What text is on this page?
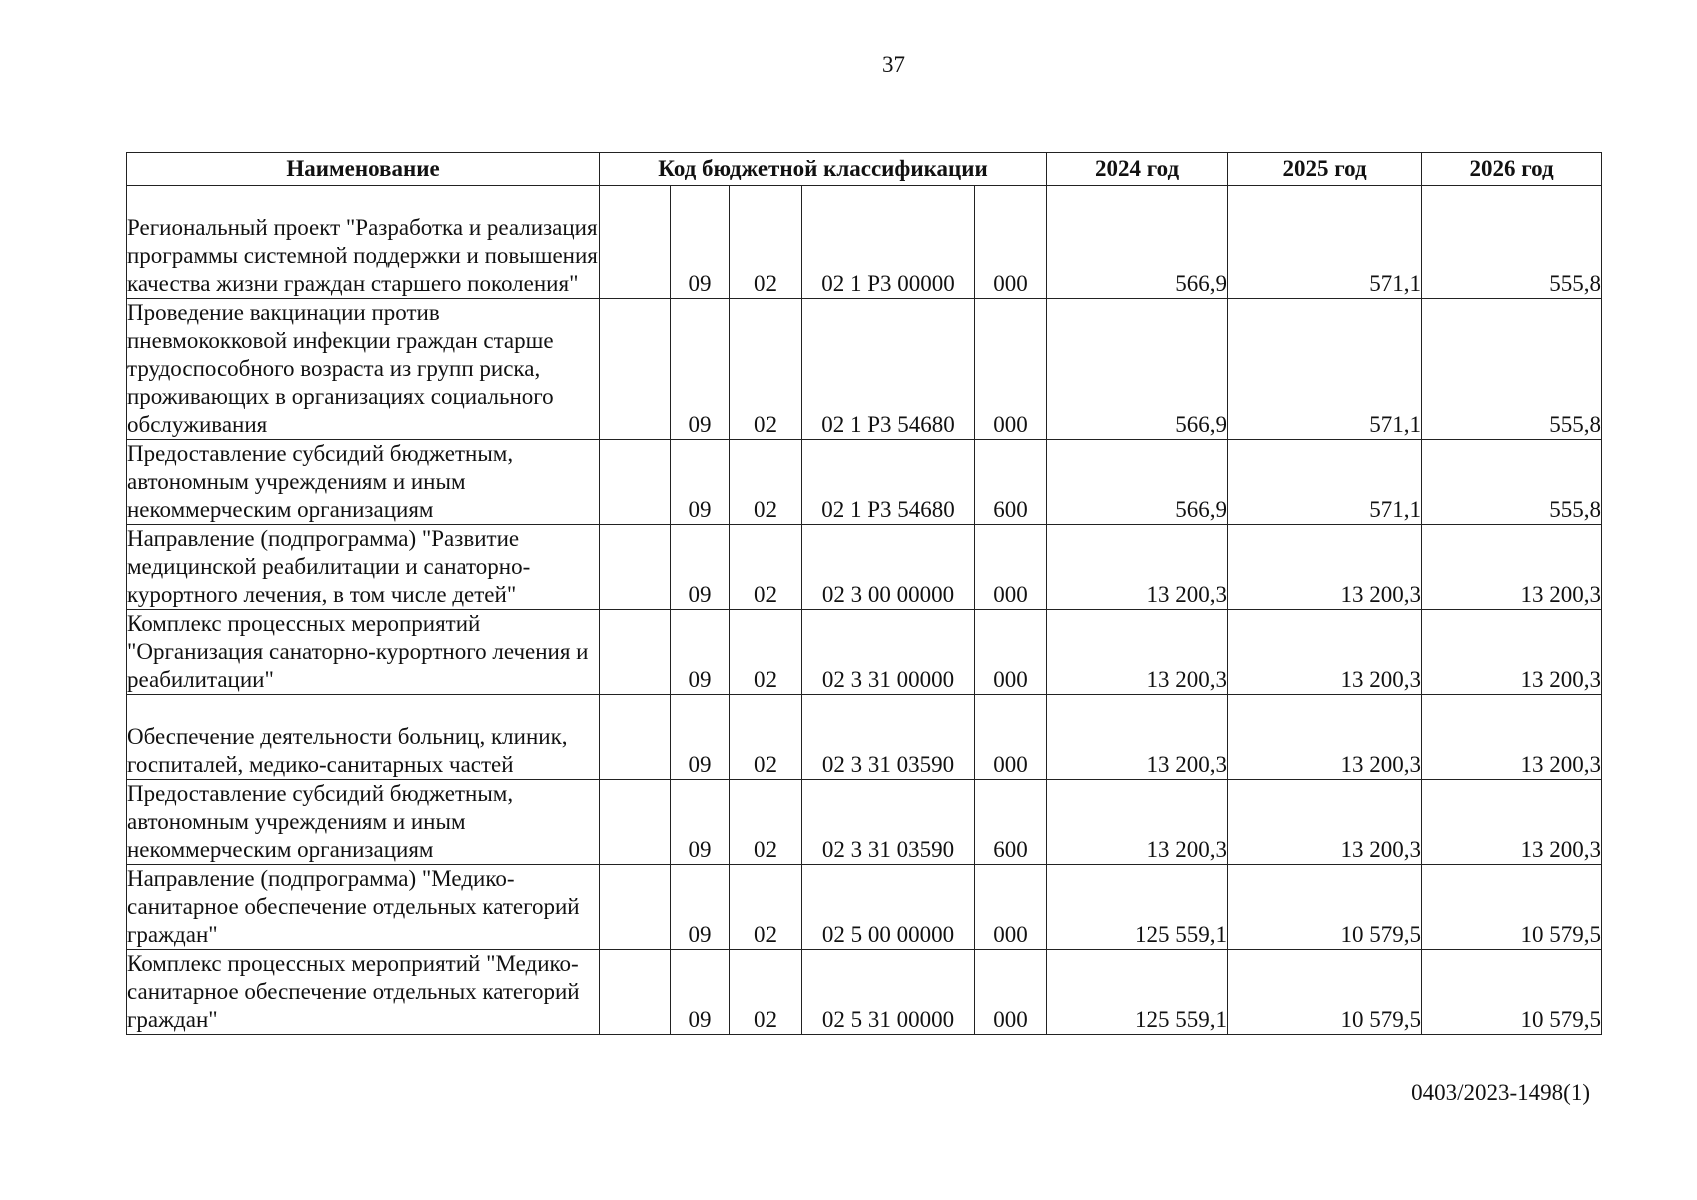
37
Наименование	Код бюджетной классификации					2024 год	2025 год	2026 год
Региональный проект "Разработка и реализация программы системной поддержки и повышения качества жизни граждан старшего поколения"		09	02	02 1 Р3 00000	000	566,9	571,1	555,8
Проведение вакцинации против пневмококковой инфекции граждан старше трудоспособного возраста из групп риска, проживающих в организациях социального обслуживания		09	02	02 1 Р3 54680	000	566,9	571,1	555,8
Предоставление субсидий бюджетным, автономным учреждениям и иным некоммерческим организациям		09	02	02 1 Р3 54680	600	566,9	571,1	555,8
Направление (подпрограмма) "Развитие медицинской реабилитации и санаторно-курортного лечения, в том числе детей"		09	02	02 3 00 00000	000	13 200,3	13 200,3	13 200,3
Комплекс процессных мероприятий "Организация санаторно-курортного лечения и реабилитации"		09	02	02 3 31 00000	000	13 200,3	13 200,3	13 200,3
Обеспечение деятельности больниц, клиник, госпиталей, медико-санитарных частей		09	02	02 3 31 03590	000	13 200,3	13 200,3	13 200,3
Предоставление субсидий бюджетным, автономным учреждениям и иным некоммерческим организациям		09	02	02 3 31 03590	600	13 200,3	13 200,3	13 200,3
Направление (подпрограмма) "Медико-санитарное обеспечение отдельных категорий граждан"		09	02	02 5 00 00000	000	125 559,1	10 579,5	10 579,5
Комплекс процессных мероприятий "Медико-санитарное обеспечение отдельных категорий граждан"		09	02	02 5 31 00000	000	125 559,1	10 579,5	10 579,5
0403/2023-1498(1)
